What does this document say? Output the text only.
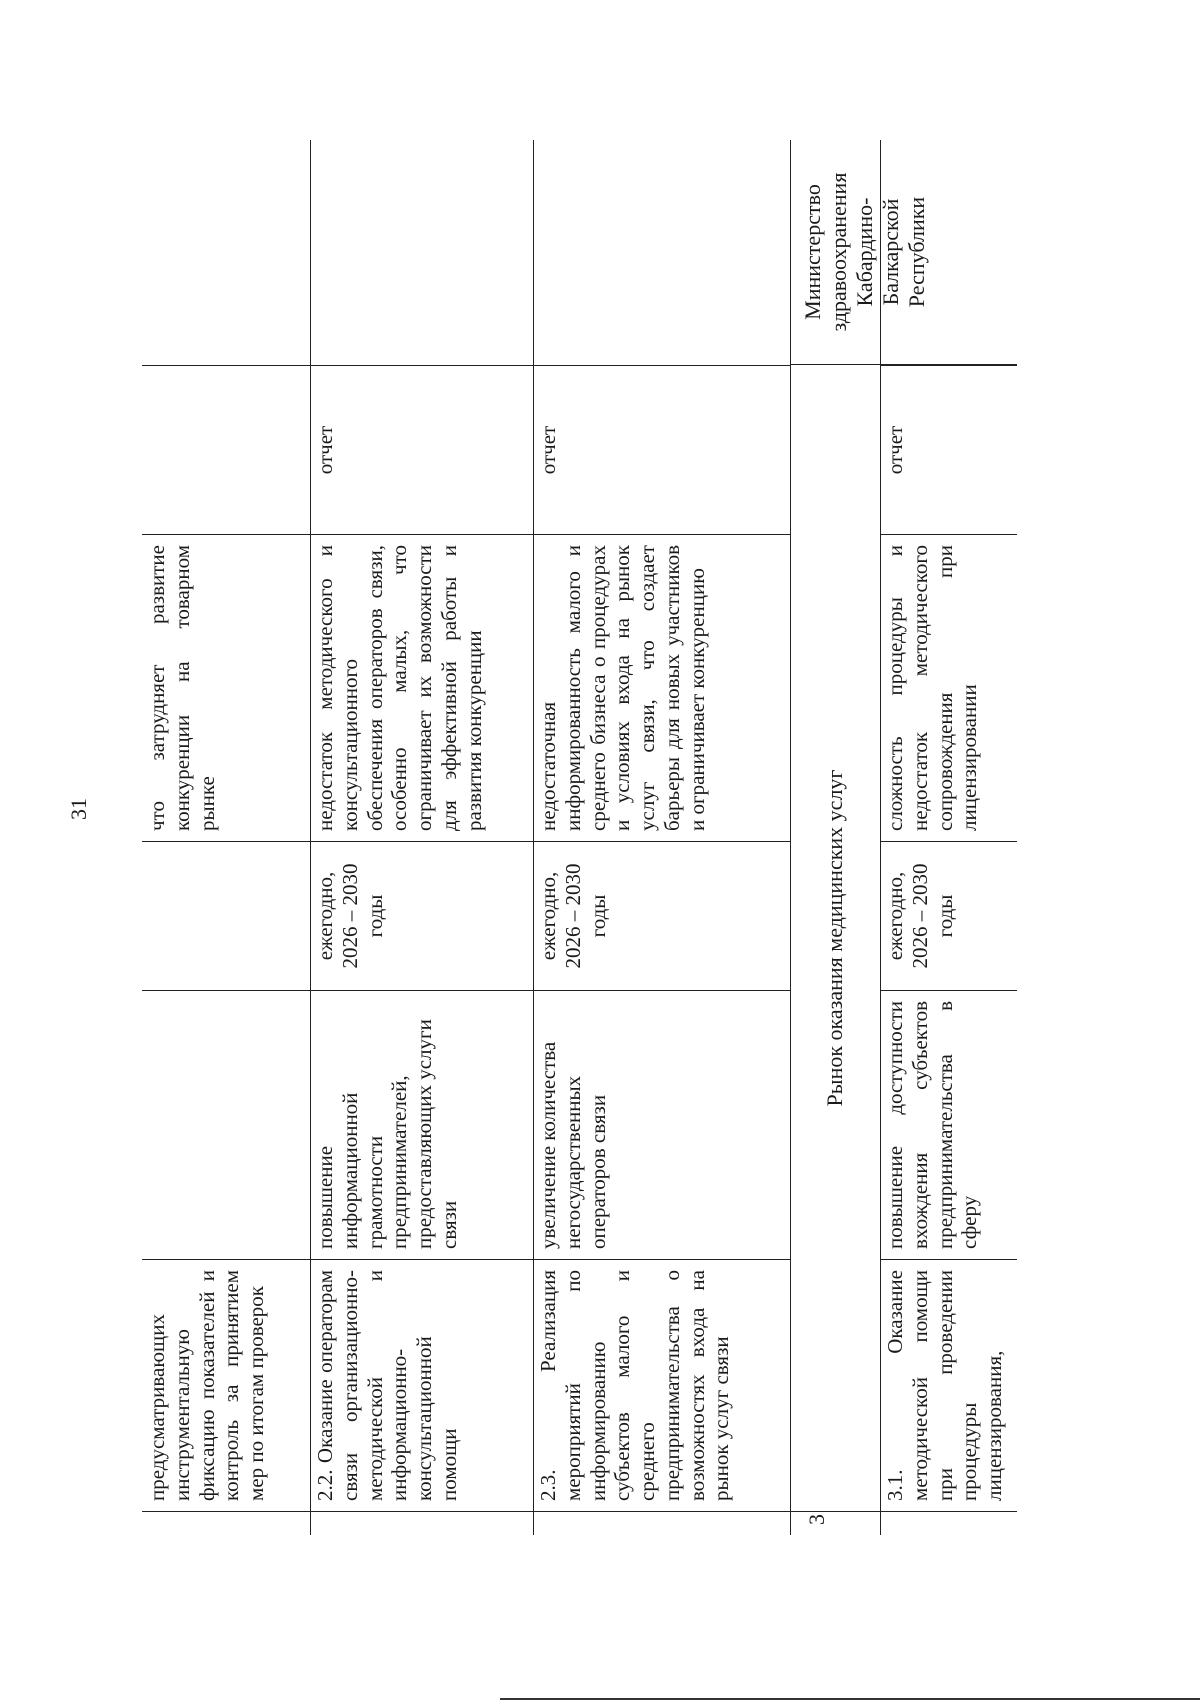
31
предусматривающих инструментальную фиксацию показателей и контроль за принятием мер по итогам проверок
что затрудняет развитие конкуренции на товарном рынке
2.2. Оказание операторам связи организационно-методической и информационно-консультационной помощи
повышение информационной грамотности предпринимателей, предоставляющих услуги связи
ежегодно, 2026 – 2030 годы
недостаток методического и консультационного обеспечения операторов связи, особенно малых, что ограничивает их возможности для эффективной работы и развития конкуренции
отчет
2.3. Реализация мероприятий по информированию субъектов малого и среднего предпринимательства о возможностях входа на рынок услуг связи
увеличение количества негосударственных операторов связи
ежегодно, 2026 – 2030 годы
недостаточная информированность малого и среднего бизнеса о процедурах и условиях входа на рынок услуг связи, что создает барьеры для новых участников и ограничивает конкуренцию
отчет
3
Рынок оказания медицинских услуг
Министерство здравоохранения Кабардино-Балкарской Республики
3.1. Оказание методической помощи при проведении процедуры лицензирования,
повышение доступности вхождения субъектов предпринимательства в сферу
ежегодно, 2026 – 2030 годы
сложность процедуры и недостаток методического сопровождения при лицензировании
отчет
